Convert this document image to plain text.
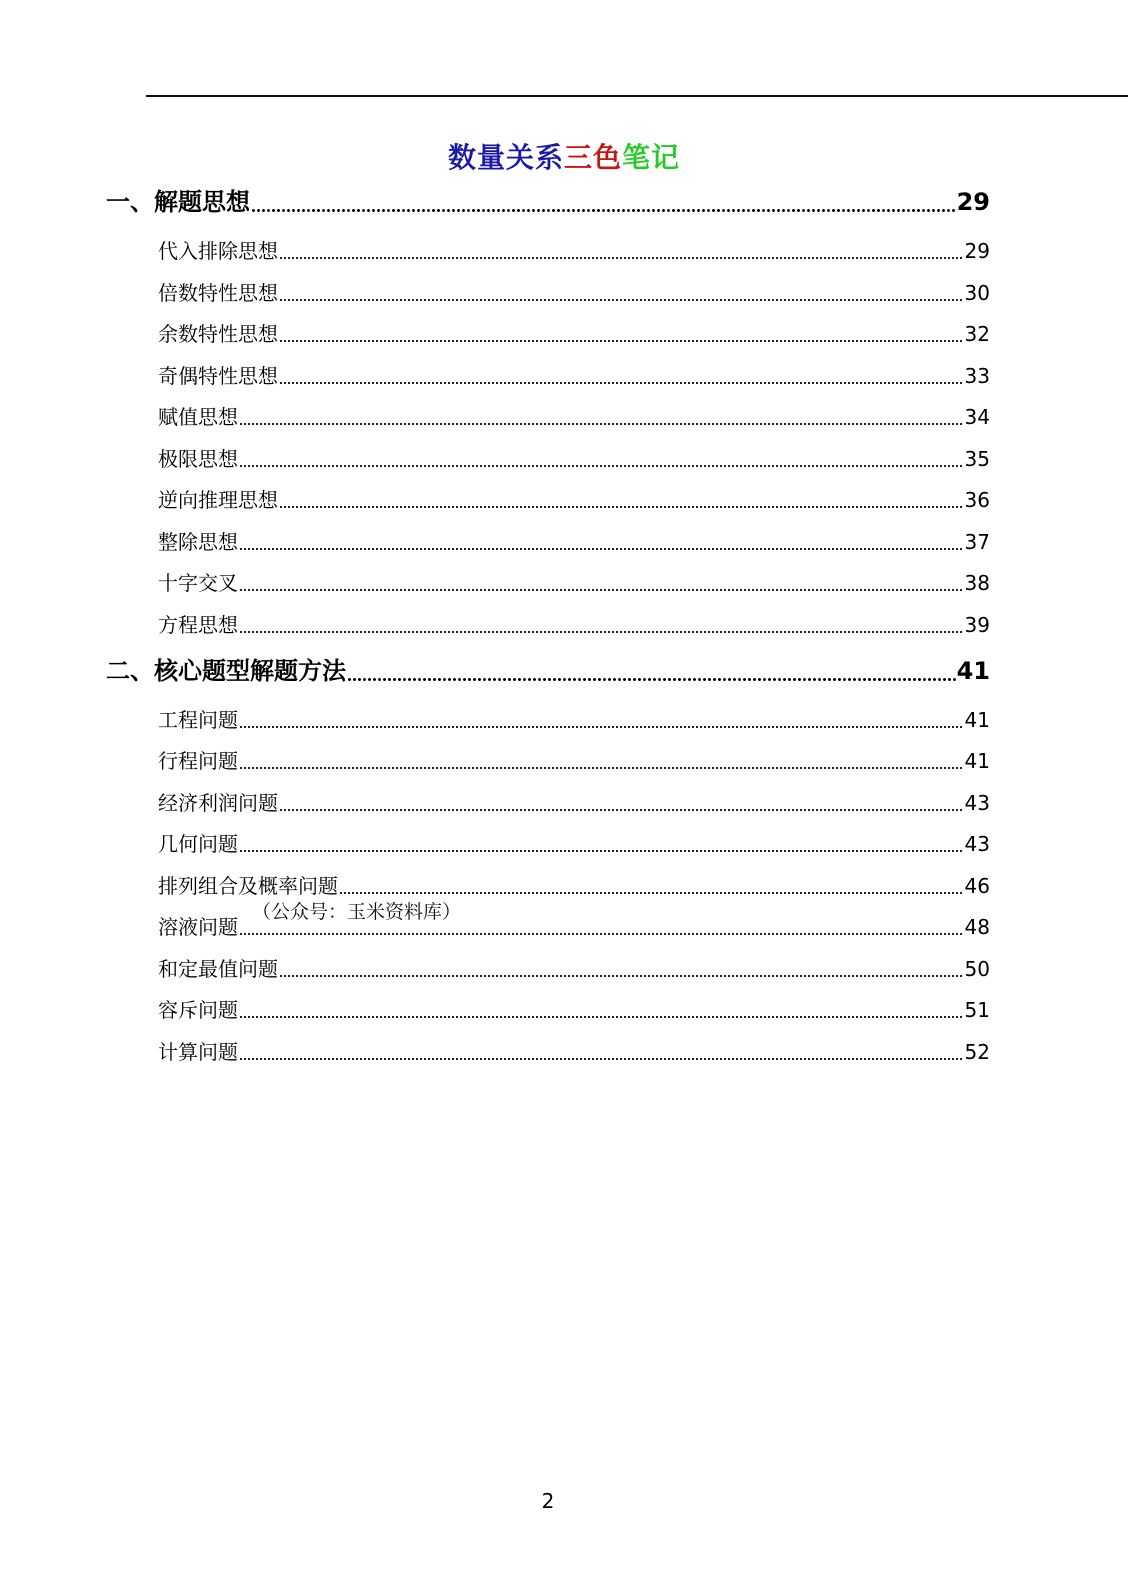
数量关系三色笔记
一、解题思想	29
代入排除思想	29
倍数特性思想	30
余数特性思想	32
奇偶特性思想	33
赋值思想	34
极限思想	35
逆向推理思想	36
整除思想	37
十字交叉	38
方程思想	39
二、核心题型解题方法	41
工程问题	41
行程问题	41
经济利润问题	43
几何问题	43
排列组合及概率问题	46
溶液问题	48
和定最值问题	50
容斥问题	51
计算问题	52
（公众号：玉米资料库）
2
